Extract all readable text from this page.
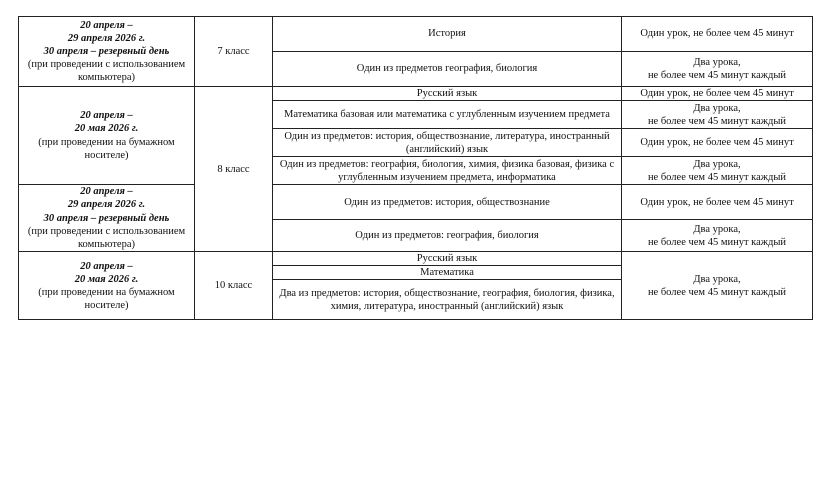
20 апреля –
29 апреля 2026 г.
30 апреля – резервный день
(при проведении с использованием компьютера)	7 класс	История	Один урок, не более чем 45 минут
		Один из предметов география, биология	Два урока,
не более чем 45 минут каждый

20 апреля –
20 мая 2026 г.
(при проведении на бумажном носителе)	8 класс	Русский язык	Один урок, не более чем 45 минут
		Математика базовая или математика с углубленным изучением предмета	Два урока,
не более чем 45 минут каждый

		Один из предметов: история, обществознание, литература, иностранный (английский) язык	Один урок, не более чем 45 минут
		Один из предметов: география, биология, химия, физика базовая, физика с углубленным изучением предмета, информатика	Два урока,
не более чем 45 минут каждый

20 апреля –
29 апреля 2026 г.
30 апреля – резервный день
(при проведении с использованием компьютера)		Один из предметов: история, обществознание	Один урок, не более чем 45 минут
		Один из предметов: география, биология	Два урока,
не более чем 45 минут каждый

20 апреля –
20 мая 2026 г.
(при проведении на бумажном носителе)	10 класс	Русский язык	Два урока,
не более чем 45 минут каждый

		Математика	
		Два из предметов: история, обществознание, география, биология, физика, химия, литература, иностранный (английский) язык	
